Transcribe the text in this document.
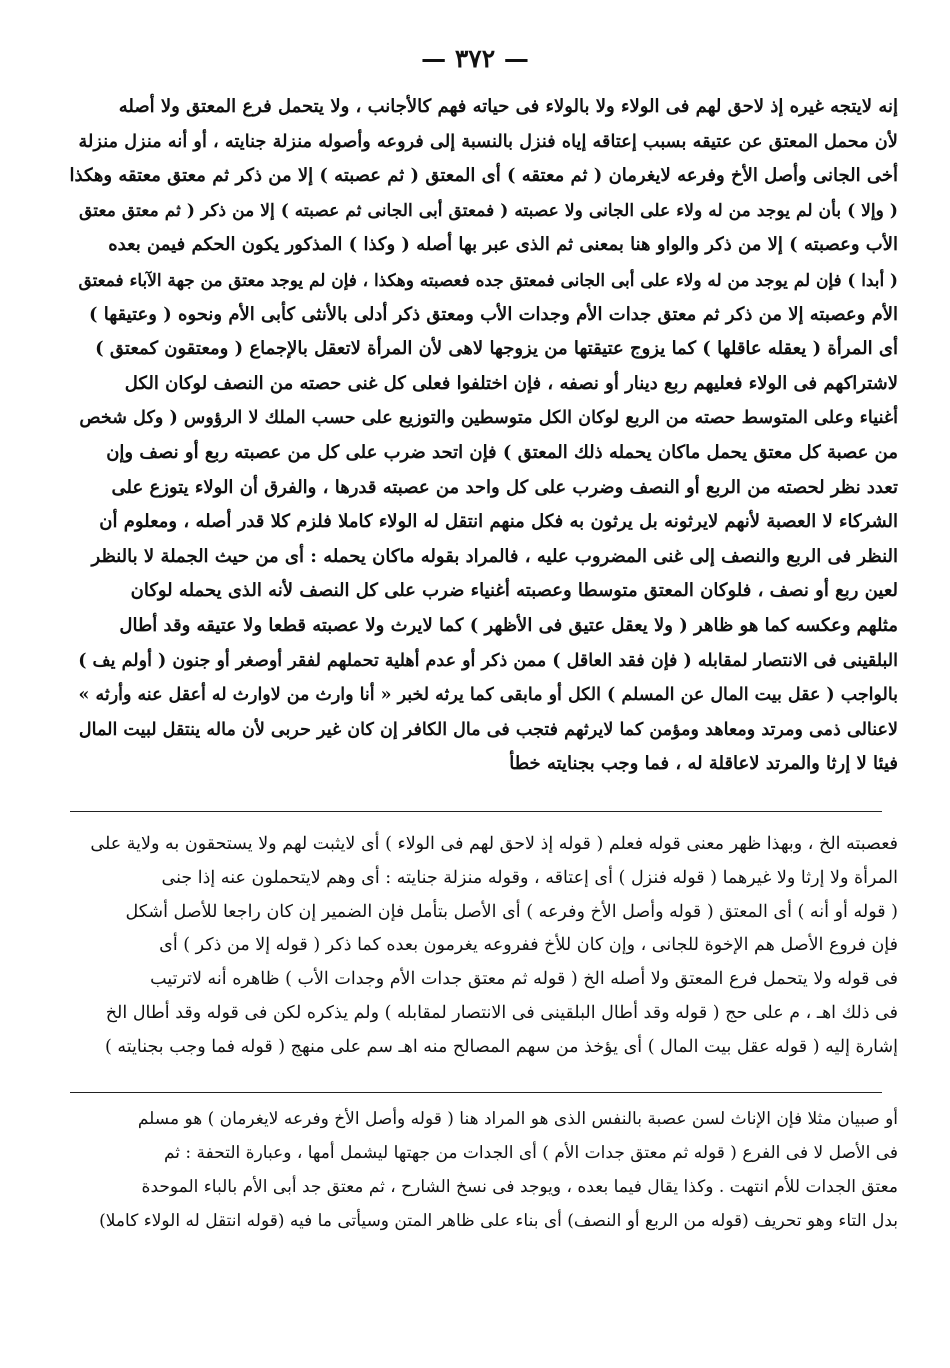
— ٣٧٢ —

إنه لايتجه غيره إذ لاحق لهم فى الولاء ولا بالولاء فى حياته فهم كالأجانب ، ولا يتحمل فرع المعتق ولا أصله

لأن محمل المعتق عن عتيقه بسبب إعتاقه إياه فنزل بالنسبة إلى فروعه وأصوله منزلة جنايته ، أو أنه منزل منزلة

أخى الجانى وأصل الأخ وفرعه لايغرمان ( ثم معتقه ) أى المعتق ( ثم عصبته ) إلا من ذكر ثم معتق معتقه وهكذا

( وإلا ) بأن لم يوجد من له ولاء على الجانى ولا عصبته ( فمعتق أبى الجانى ثم عصبته ) إلا من ذكر ( ثم معتق معتق

الأب وعصبته ) إلا من ذكر والواو هنا بمعنى ثم الذى عبر بها أصله ( وكذا ) المذكور يكون الحكم فيمن بعده

( أبدا ) فإن لم يوجد من له ولاء على أبى الجانى فمعتق جده فعصبته وهكذا ، فإن لم يوجد معتق من جهة الآباء فمعتق

الأم وعصبته إلا من ذكر ثم معتق جدات الأم وجدات الأب ومعتق ذكر أدلى بالأنثى كأبى الأم ونحوه ( وعتيقها )

أى المرأة ( يعقله عاقلها ) كما يزوج عتيقتها من يزوجها لاهى لأن المرأة لاتعقل بالإجماع ( ومعتقون كمعتق )

لاشتراكهم فى الولاء فعليهم ربع دينار أو نصفه ، فإن اختلفوا فعلى كل غنى حصته من النصف لوكان الكل

أغنياء وعلى المتوسط حصته من الربع لوكان الكل متوسطين والتوزيع على حسب الملك لا الرؤوس ( وكل شخص

من عصبة كل معتق يحمل ماكان يحمله ذلك المعتق ) فإن اتحد ضرب على كل من عصبته ربع أو نصف وإن

تعدد نظر لحصته من الربع أو النصف وضرب على كل واحد من عصبته قدرها ، والفرق أن الولاء يتوزع على

الشركاء لا العصبة لأنهم لايرثونه بل يرثون به فكل منهم انتقل له الولاء كاملا فلزم كلا قدر أصله ، ومعلوم أن

النظر فى الربع والنصف إلى غنى المضروب عليه ، فالمراد بقوله ماكان يحمله : أى من حيث الجملة لا بالنظر

لعين ربع أو نصف ، فلوكان المعتق متوسطا وعصبته أغنياء ضرب على كل النصف لأنه الذى يحمله لوكان

مثلهم وعكسه كما هو ظاهر ( ولا يعقل عتيق فى الأظهر ) كما لايرث ولا عصبته قطعا ولا عتيقه وقد أطال

البلقينى فى الانتصار لمقابله ( فإن فقد العاقل ) ممن ذكر أو عدم أهلية تحملهم لفقر أوصغر أو جنون ( أولم يف )

بالواجب ( عقل بيت المال عن المسلم ) الكل أو مابقى كما يرثه لخبر « أنا وارث من لاوارث له أعقل عنه وأرثه »

لاعنالى ذمى ومرتد ومعاهد ومؤمن كما لايرثهم فتجب فى مال الكافر إن كان غير حربى لأن ماله ينتقل لبيت المال

فيئا لا إرثا والمرتد لاعاقلة له ، فما وجب بجنايته خطأ

فعصبته الخ ، وبهذا ظهر معنى قوله فعلم ( قوله إذ لاحق لهم فى الولاء ) أى لايثبت لهم ولا يستحقون به ولاية على

المرأة ولا إرثا ولا غيرهما ( قوله فنزل ) أى إعتاقه ، وقوله منزلة جنايته : أى وهم لايتحملون عنه إذا جنى

( قوله أو أنه ) أى المعتق ( قوله وأصل الأخ وفرعه ) أى الأصل بتأمل فإن الضمير إن كان راجعا للأصل أشكل

فإن فروع الأصل هم الإخوة للجانى ، وإن كان للأخ ففروعه يغرمون بعده كما ذكر ( قوله إلا من ذكر ) أى

فى قوله ولا يتحمل فرع المعتق ولا أصله الخ ( قوله ثم معتق جدات الأم وجدات الأب ) ظاهره أنه لاترتيب

فى ذلك اهـ ، م على حج ( قوله وقد أطال البلقينى فى الانتصار لمقابله ) ولم يذكره لكن فى قوله وقد أطال الخ

إشارة إليه ( قوله عقل بيت المال ) أى يؤخذ من سهم المصالح منه اهـ سم على منهج ( قوله فما وجب بجنايته )

أو صبيان مثلا فإن الإناث لسن عصبة بالنفس الذى هو المراد هنا ( قوله وأصل الأخ وفرعه لايغرمان ) هو مسلم

فى الأصل لا فى الفرع ( قوله ثم معتق جدات الأم ) أى الجدات من جهتها ليشمل أمها ، وعبارة التحفة : ثم

معتق الجدات للأم انتهت . وكذا يقال فيما بعده ، ويوجد فى نسخ الشارح ، ثم معتق جد أبى الأم بالباء الموحدة

بدل التاء وهو تحريف (قوله من الربع أو النصف) أى بناء على ظاهر المتن وسيأتى ما فيه (قوله انتقل له الولاء كاملا)
